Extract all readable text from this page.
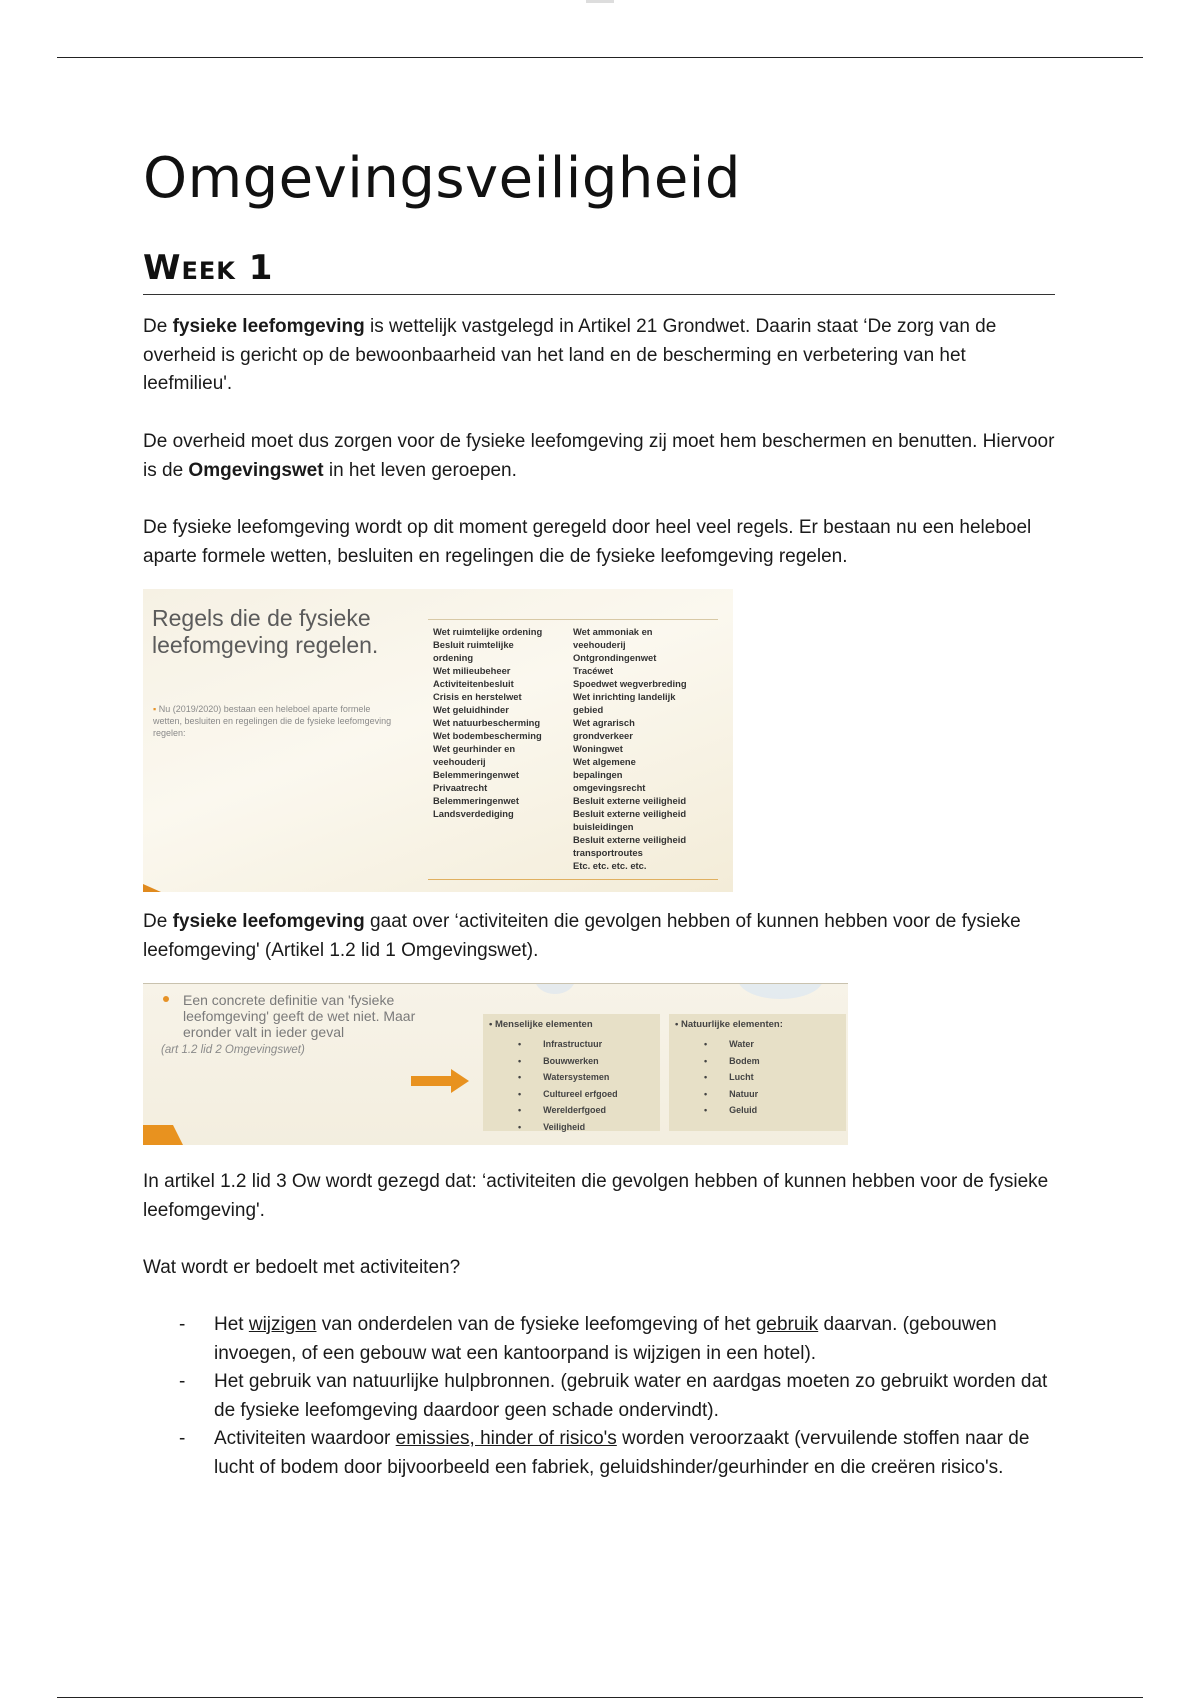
Omgevingsveiligheid
Week 1

De fysieke leefomgeving is wettelijk vastgelegd in Artikel 21 Grondwet. Daarin staat ‘De zorg van de overheid is gericht op de bewoonbaarheid van het land en de bescherming en verbetering van het leefmilieu'.

De overheid moet dus zorgen voor de fysieke leefomgeving zij moet hem beschermen en benutten. Hiervoor is de Omgevingswet in het leven geroepen.

De fysieke leefomgeving wordt op dit moment geregeld door heel veel regels. Er bestaan nu een heleboel aparte formele wetten, besluiten en regelingen die de fysieke leefomgeving regelen.

Regels die de fysieke leefomgeving regelen.
▪ Nu (2019/2020) bestaan een heleboel aparte formele wetten, besluiten en regelingen die de fysieke leefomgeving regelen:
Wet ruimtelijke ordening
Besluit ruimtelijke
ordening
Wet milieubeheer
Activiteitenbesluit
Crisis en herstelwet
Wet geluidhinder
Wet natuurbescherming
Wet bodembescherming
Wet geurhinder en
veehouderij
Belemmeringenwet
Privaatrecht
Belemmeringenwet
Landsverdediging
Wet ammoniak en
veehouderij
Ontgrondingenwet
Tracéwet
Spoedwet wegverbreding
Wet inrichting landelijk
gebied
Wet agrarisch
grondverkeer
Woningwet
Wet algemene
bepalingen
omgevingsrecht
Besluit externe veiligheid
Besluit externe veiligheid
buisleidingen
Besluit externe veiligheid
transportroutes
Etc. etc. etc. etc.

De fysieke leefomgeving gaat over ‘activiteiten die gevolgen hebben of kunnen hebben voor de fysieke leefomgeving' (Artikel 1.2 lid 1 Omgevingswet).

Een concrete definitie van 'fysieke leefomgeving' geeft de wet niet. Maar eronder valt in ieder geval
(art 1.2 lid 2 Omgevingswet)
• Menselijke elementen
• Infrastructuur
• Bouwwerken
• Watersystemen
• Cultureel erfgoed
• Werelderfgoed
• Veiligheid
• Natuurlijke elementen:
• Water
• Bodem
• Lucht
• Natuur
• Geluid

In artikel 1.2 lid 3 Ow wordt gezegd dat: ‘activiteiten die gevolgen hebben of kunnen hebben voor de fysieke leefomgeving'.

Wat wordt er bedoelt met activiteiten?

- Het wijzigen van onderdelen van de fysieke leefomgeving of het gebruik daarvan. (gebouwen invoegen, of een gebouw wat een kantoorpand is wijzigen in een hotel).
- Het gebruik van natuurlijke hulpbronnen. (gebruik water en aardgas moeten zo gebruikt worden dat de fysieke leefomgeving daardoor geen schade ondervindt).
- Activiteiten waardoor emissies, hinder of risico's worden veroorzaakt (vervuilende stoffen naar de lucht of bodem door bijvoorbeeld een fabriek, geluidshinder/geurhinder en die creëren risico's.
